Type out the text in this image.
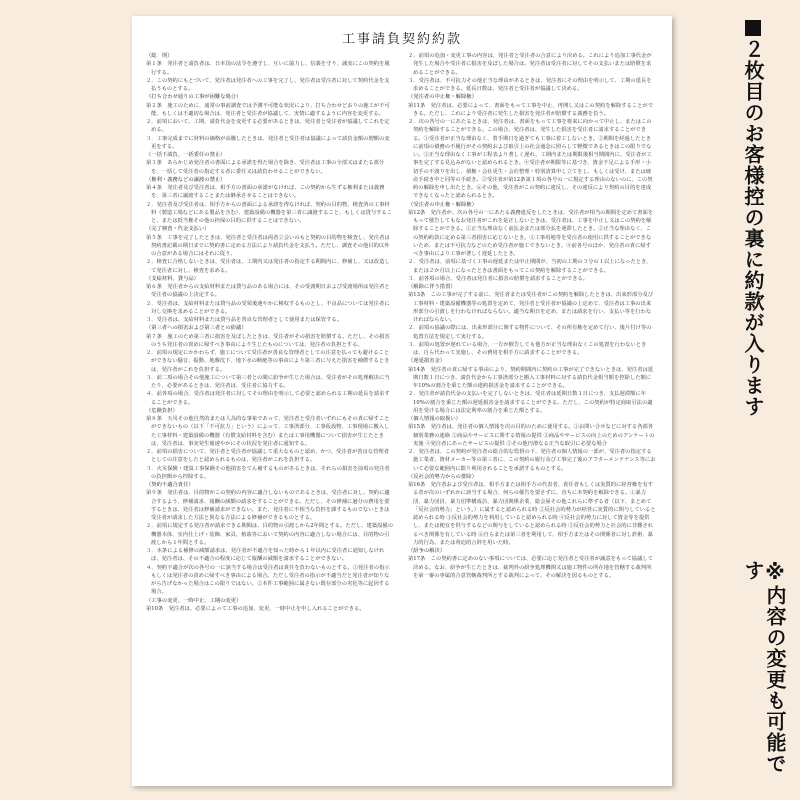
工事請負契約約款

（総　則）

第１条　発注者と請負者は、日本国の法令を遵守し、互いに協力し、信義を守り、誠実にこの契約を履行する。

２．この契約にもとづいて、発注者は発注者への工事を完了し、発注者は受注者に対して契約代金を支払うものとする。

（打ち合わせ通りの工事が困難な場合）

第２条　施工のために、通常の事前調査では予測不可能な状況により、打ち合わせどおりの施工が不可能、もしくは不適切な場合は、発注者と受注者が協議して、実情に適するように内容を変更する。

２．前項において、工期、請負代金を変更する必要があるときは、発注者と受注者が協議してこれを定める。

３．工事完成までに材料の価格が高騰したときは、発注者と受注者は協議によって請負金額の増額の変更をする。

（一括下請負、一括委任の禁止）

第３条　あらかじめ発注者の書面による承諾を得た場合を除き、受注者は工事の全部又はまたる部分を、一括して受注者の指定する者に委任又は請負わせることができない。

（権利・義務などの譲渡の禁止）

第４条　発注者及び受注者は、相手方の書面の承諾がなければ、この契約から生ずる権利または義務を、第三者に譲渡することまたは継承させることはできない。

２．発注者及び受注者は、相手方からの書面による承諾を得なければ、契約の目的物、検査済の工事材料（製造工場などにある製品を含む）、建築設備の機器を第三者に譲渡すること、もしくは貸与すること、または抵当権その他の担保の目的に供することはできない。

（完了検査・代金支払い）

第５条　工事を完了したときは、発注者と受注者は両者立会いのもと契約の目的物を検査し、発注者は契約書記載の期日までに契約書に定める方法により請負代金を支払う。ただし、調査その他目的以外の合意がある場合にはそれに従う。

２．検査に合格しないときは、受注者は、工期内又は発注者の指定する期間内に、修補し、又は改造して発注者に対し、検査を求める。

（支給材料、貸与品）

第６条　発注者からの支給材料または貸与品のある場合には、その受渡期日および受渡場所は発注者と受注者の協議の上決定する。

２．受注者は、支給材料または貸与品の受領後速やかに検収するものとし、不良品については発注者に対し交換を求めることができる。

３．受注者は、支給材料または貸与品を善良な管理者として使用または保管する。

（第三者への損害および第三者との紛議）

第７条　施工のため第三者に損害を及ぼしたときは、受注者がその損害を賠償する。ただし、その損害のうち発注者の責めに帰すべき事由により生じたものについては、発注者の負担とする。

２．前項の規定にかかわらず、施工について受注者が善良な管理者としての注意を払っても避けることができない騒音、振動、地盤沈下、地下水の断絶等の事由により第三者に与えた損害を補償するときは、発注者がこれを負担する。

３．前二項の場合その他施工について第三者との間に紛争が生じた場合は、受注者がその処理解決に当たり、必要があるときは、発注者は、受注者に協力する。

４．前各項の場合、受注者は発注者に対してその理由を明示して必要と認められる工期の延長を請求することができる。

（危険負担）

第８条　天災その他自然的または人為的な事象であって、発注者と受注者いずれにもその責に帰すことができないもの（以下「不可抗力」という）によって、工事済部分、工事仮設物、工事現場に搬入した工事材料・建築設備の機器（有償支給材料を含む）または工事用機器について損害が生じたときは、受注者は、事実発生後速やかにその状況を発注者に通知する。

２．前項の損害について、発注者と受注者が協議して重大なものと認め、かつ、受注者が善良な管理者としての注意をしたと認められるものは、発注者がこれを負担する。

３．火災保険・建設工事保険その他損害をてん補するものがあるときは、それらの損害を前項の発注者の負担額から控除する。

（契約不適合責任）

第９条　発注者は、目的物がこの契約の内容に適合しないものであるときは、受注者に対し、契約に適合するよう、修補請求、報酬の減額の請求をすることができる。ただし、その修補に過分の費用を要するときは、発注者は修補請求ができない。また、発注者に不相当な負担を課するものでないときは受注者が請求した方法と異なる方法による修補ができるものとする。

２．前項に規定する発注者が請求できる期間は、目的物の引渡しから2年間とする。ただし、建築設備の機器本体、室内仕上げ・装飾、家具、植栽等において契約の内容に適合しない場合には、目的物の引渡しから１年間とする。

３．本条による補修の減額請求は、発注者が不適合を知った時から１年以内に受注者に通知しなければ、発注者は、その不適合の程度に応じて報酬の減額を請求することができない。

４．契約不適合が次の各号の一に該当する場合は受注者は責任を負わないものとする。①発注者の指示もしくは発注者の責めに帰すべき事由による場合。ただし受注者の指示が不適当だと発注者が知りながら告げなかった場合はこの限りではない。②本件工事範囲に属さない既存部分の劣化等に起因する場合。

（工事の変更、一時中止、工期の変更）

第10条　発注者は、必要によって工事の追加、変更、一時中止を申し入れることができる。

２．前項の追加・変更工事の内容は、発注者と受注者の合意により決める。これにより追加工事代金が発生した場合や受注者に損害を及ぼした場合は、発注者は受注者に対してその支払いまたは賠償を求めることができる。

３．受注者は、不可抗力その他正当な理由があるときは、発注者にその理由を明示して、工期の延長を求めることができる。延長日数は、発注者と受注者が協議して決める。

（発注者の中止権・解除権）

第11条　発注者は、必要によって、書面をもって工事を中止、再開し又はこの契約を解除することができる。ただし、これにより受注者に発生した損害を発注者が賠償する義務を負う。

２．次の各号の一にあたるときは、発注者は、書面をもって工事を将来に向かって中止し、またはこの契約を解除することができる。この場合、発注者は、発生した損害を受注者に請求することができる。①受注者が正当な理由なく、着手期日を過ぎても工事に着工しないとき。②期間を経過したときに前項の債務の不履行がその契約および取引上の社会通念に照らして軽微であるときはこの限りでない。③正当な理由なく工事が工程表より著しく遅れ、工期内または期限後相当期間内に、受注者が工事を完了する見込みがないと認められるとき。④受注者が期限等に基づき、資金不足による手形・小切手の不渡りを出し、債権・会社更生・会社整理・特別清算申し立てをし、もしくは受け、または破産手続き中と同等の手続き。⑤受注者が第12条第１項の各号の一に規定する理由のないのに、この契約の解除を申し出たとき。⑥その他、受注者がこの契約に違反し、その違反により契約の目的を達成できなくなったと認められるとき。

（受注者の中止権・解除権）

第12条　発注者が、次の各号の一にあたる義務違反をしたときは、受注者が相当の期間を定めて書面をもって催告してもなお発注者がこれを是正しないときは、受注者は、工事を中止し又はこの契約を解除することができる。①正当な理由なく前払金または部分払を遅滞したとき。②正当な理由なく、この契約約款に定める第三者損害に応じないとき。③工事用地等を受注者の使用に供することができないため、または不可抗力などのため受注者が施工できないとき。④前各号のほか、発注者の責に帰すべき事由により工事が著しく遅延したとき。

２．受注者は、前項に基づく工事の遅延または中止期間が、当初の工期の３分の１以上になったとき、または２か月以上になったときは書面をもってこの契約を解除することができる。

３．前各項の場合、受注者は発注者に損害の賠償を請求することができる。

（解除に伴う措置）

第13条　この工事が完了する前に、発注者または受注者がこの契約を解除したときは、出来形部分及び工事材料・建築設備機器等の処置を定めて、発注者と受注者が協議の上定めて、受注者は工事の出来形部分の引渡しを行わなければならない。適当な期日を定め、または請求を行い、支払い等を行わなければならない。

２．前項の協議の際には、出来形部分に関する物件について、その所有権を定めて行い、後片付け等の処置方法を規定して実行する。

３．前項の処置が遅れている場合、一方が催告しても他方が正当な理由なくこの処置を行わないときは、自ら代わって実施し、その費用を相手方に請求することができる。

（遅延損害金）

第14条　発注者の責に帰する事由により、契約期間内に契約の工事が完了できないときは、発注者は延期日数１日につき、請負代金から工事済部分と搬入工事材料に対する請負代金相当額を控除した額に年10%の割合を乗じた額の違約損害金を請求することができる。

２．発注者が請負代金の支払いを完了しないときは、受注者は延期日数１日につき、支払遅滞額に年10%の割合を乗じた額の遅延損害金を請求することができる。ただし、この契約が特定商取引法の適用を受ける場合には法定利率の割合を乗じた額とする。

（個人情報の取扱い）

第15条　発注者は、発注者の個人情報を次の目的のために使用する。①お問い合せなどに対する各部各個別業務の連絡 ②商品やサービスに関する情報の提供 ③商品やサービスの向上のためのアンケートの実施 ④発注者にあったサービスの提供 ⑤その他円滑なる正当な取引に必要な場合

２．発注者は、この契約が発注者の総合的な監督の下、発注者の個人情報の一部が、受注者の指定する施工業者、資材メーカー等の第三者に、この契約の履行及び工事完了後のアフターメンテナンス等において必要な範囲内に限り利用されることを承諾するものとする。

（反社会的勢力からの排除）

第16条　発注者および受注者は、相手方または相手方の代表者、責任者もしくは実質的に経営権を有する者が次のいずれかに該当する場合、何らの催告を要さずに、直ちに本契約を解除できる。①暴力団、暴力団員、暴力団準構成員、暴力団関係企業、総会屋その他これらに準ずる者（以下、まとめて「反社会的勢力」という。）に属すると認められる時 ②反社会的勢力が経営に実質的に関与していると認められる時 ③反社会的勢力を利用していると認められる時 ④反社会的勢力に対して資金等を提供し、または便宜を供与するなどの関与をしていると認められる時 ⑤反社会的勢力と社会的に非難されるべき関係を有している時 ⑥自らまたは第三者を利用して、相手方またはその関係者に対し詐術、暴力的行為、または脅迫的言辞を用いた時。

（紛争の解決）

第17条　この契約書に定めのない事項については、必要に応じ発注者と受注者が誠意をもって協議して決める。なお、紛争が生じたときは、裁判外の紛争処理機関又は施工物件の所在地を管轄する裁判所を第一審の専属的合意管轄裁判所とする裁判によって、その解決を図るものとする。

２枚目のお客様控の裏に約款が入ります
※内容の変更も可能です
